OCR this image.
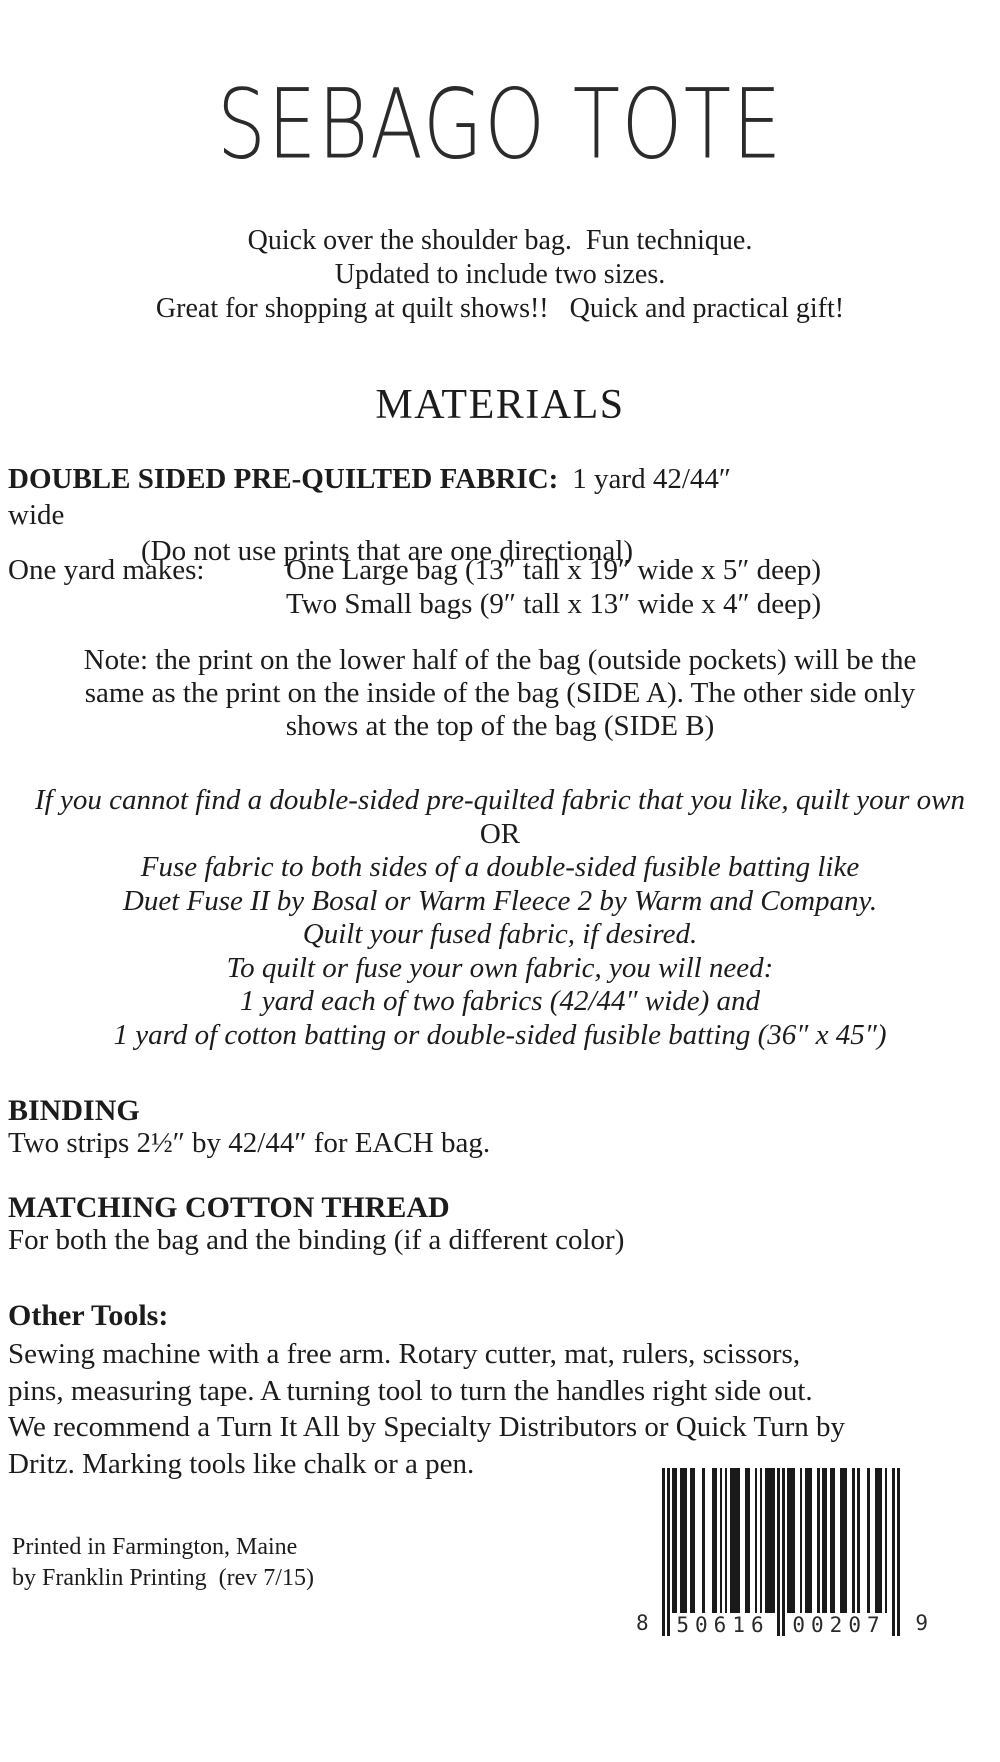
SEBAGO TOTE
Quick over the shoulder bag.  Fun technique.
Updated to include two sizes.
Great for shopping at quilt shows!!   Quick and practical gift!
MATERIALS
DOUBLE SIDED PRE-QUILTED FABRIC: 1 yard 42/44″ wide
(Do not use prints that are one directional)
One yard makes:	One Large bag (13″ tall x 19″ wide x 5″ deep)
Two Small bags (9″ tall x 13″ wide x 4″ deep)
Note: the print on the lower half of the bag (outside pockets) will be the
same as the print on the inside of the bag (SIDE A). The other side only
shows at the top of the bag (SIDE B)
If you cannot find a double-sided pre-quilted fabric that you like, quilt your own
OR
Fuse fabric to both sides of a double-sided fusible batting like
Duet Fuse II by Bosal or Warm Fleece 2 by Warm and Company.
Quilt your fused fabric, if desired.
To quilt or fuse your own fabric, you will need:
1 yard each of two fabrics (42/44″ wide) and
1 yard of cotton batting or double-sided fusible batting (36″ x 45″)
BINDING
Two strips 2½″ by 42/44″ for EACH bag.
MATCHING COTTON THREAD
For both the bag and the binding (if a different color)
Other Tools:
Sewing machine with a free arm. Rotary cutter, mat, rulers, scissors,
pins, measuring tape. A turning tool to turn the handles right side out.
We recommend a Turn It All by Specialty Distributors or Quick Turn by
Dritz. Marking tools like chalk or a pen.
Printed in Farmington, Maine
by Franklin Printing  (rev 7/15)
8 50616 00207 9
